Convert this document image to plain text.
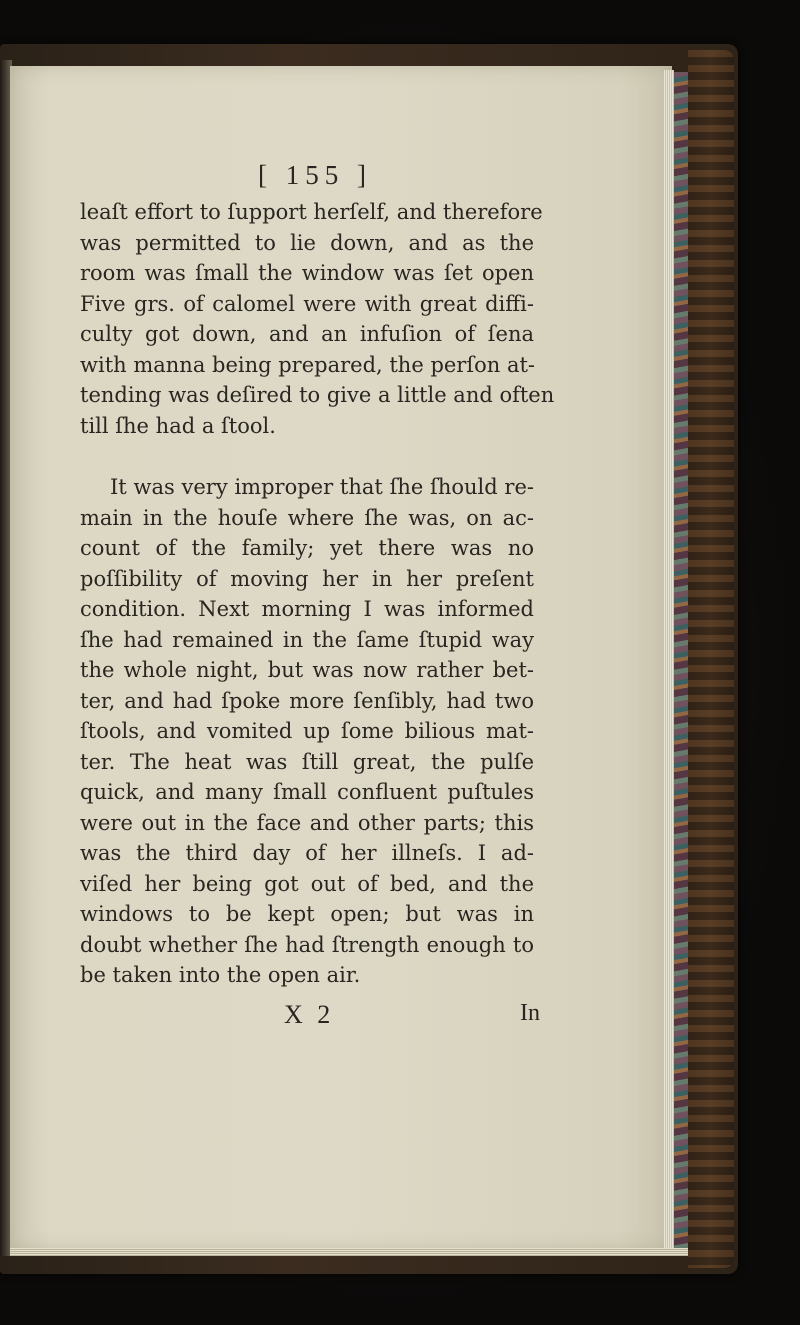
[ 155 ]
leaſt effort to ſupport herſelf, and therefore
was permitted to lie down, and as the
room was ſmall the window was ſet open
Five grs. of calomel were with great diffi-
culty got down, and an infuſion of ſena
with manna being prepared, the perſon at-
tending was deſired to give a little and often
till ſhe had a ſtool.
It was very improper that ſhe ſhould re-
main in the houſe where ſhe was, on ac-
count of the family; yet there was no
poſſibility of moving her in her preſent
condition. Next morning I was informed
ſhe had remained in the ſame ſtupid way
the whole night, but was now rather bet-
ter, and had ſpoke more ſenſibly, had two
ſtools, and vomited up ſome bilious mat-
ter. The heat was ſtill great, the pulſe
quick, and many ſmall confluent puſtules
were out in the face and other parts; this
was the third day of her illneſs. I ad-
viſed her being got out of bed, and the
windows to be kept open; but was in
doubt whether ſhe had ſtrength enough to
be taken into the open air.
X 2	In
